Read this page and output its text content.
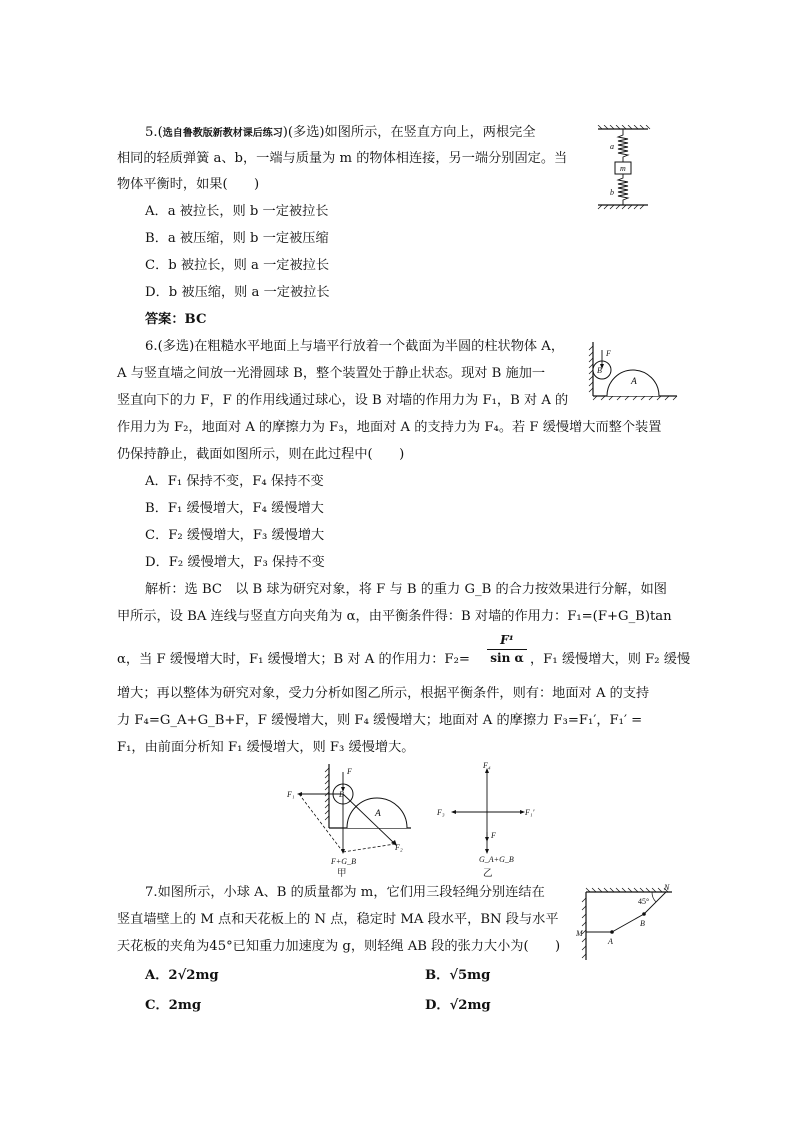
5.(选自鲁教版新教材课后练习)(多选)如图所示，在竖直方向上，两根完全
相同的轻质弹簧 a、b，一端与质量为 m 的物体相连接，另一端分别固定。当
物体平衡时，如果(　　)
A．a 被拉长，则 b 一定被拉长
B．a 被压缩，则 b 一定被压缩
C．b 被拉长，则 a 一定被拉长
D．b 被压缩，则 a 一定被拉长
答案：BC
m
a
b
6.(多选)在粗糙水平地面上与墙平行放着一个截面为半圆的柱状物体 A，
A 与竖直墙之间放一光滑圆球 B，整个装置处于静止状态。现对 B 施加一
竖直向下的力 F，F 的作用线通过球心，设 B 对墙的作用力为 F₁，B 对 A 的
作用力为 F₂，地面对 A 的摩擦力为 F₃，地面对 A 的支持力为 F₄。若 F 缓慢增大而整个装置
仍保持静止，截面如图所示，则在此过程中(　　)
A．F₁ 保持不变，F₄ 保持不变
B．F₁ 缓慢增大，F₄ 缓慢增大
C．F₂ 缓慢增大，F₃ 缓慢增大
D．F₂ 缓慢增大，F₃ 保持不变
F
B
A
解析：选 BC　以 B 球为研究对象，将 F 与 B 的重力 G_B 的合力按效果进行分解，如图
甲所示，设 BA 连线与竖直方向夹角为 α，由平衡条件得：B 对墙的作用力：F₁=(F+G_B)tan
α，当 F 缓慢增大时，F₁ 缓慢增大；B 对 A 的作用力：F₂=
F¹
sin α ，F₁ 缓慢增大，则 F₂ 缓慢
增大；再以整体为研究对象，受力分析如图乙所示，根据平衡条件，则有：地面对 A 的支持
力 F₄=G_A+G_B+F，F 缓慢增大，则 F₄ 缓慢增大；地面对 A 的摩擦力 F₃=F₁′，F₁′ =
F₁，由前面分析知 F₁ 缓慢增大，则 F₃ 缓慢增大。
F₁
F
B
A
F₂
F+G_B
甲
F₄
F₃	F₁′
F
G_A+G_B
乙
7.如图所示，小球 A、B 的质量都为 m，它们用三段轻绳分别连结在
竖直墙壁上的 M 点和天花板上的 N 点，稳定时 MA 段水平，BN 段与水平
天花板的夹角为45°已知重力加速度为 g，则轻绳 AB 段的张力大小为(　　)
A．2√2mg	B．√5mg
C．2mg	D．√2mg
N
45°
B
M
A
